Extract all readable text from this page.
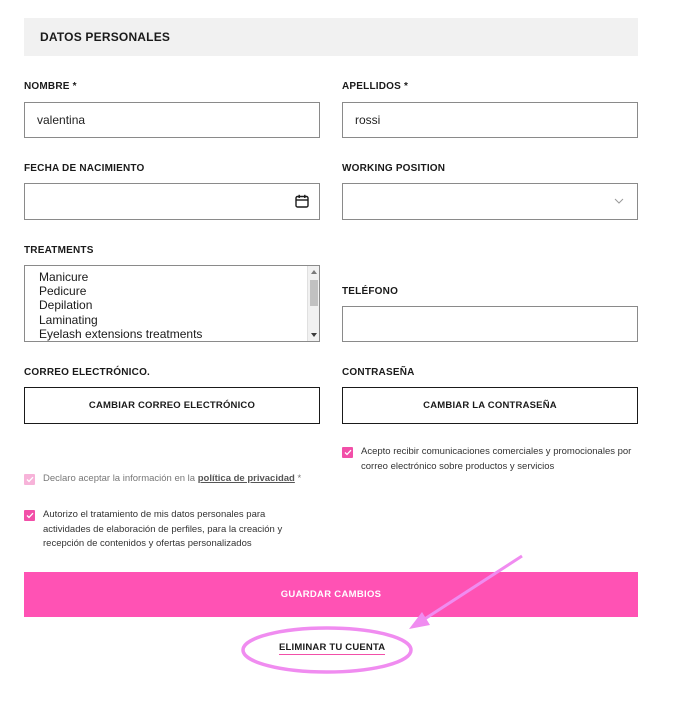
DATOS PERSONALES
NOMBRE *
valentina	APELLIDOS *
rossi
FECHA DE NACIMIENTO	WORKING POSITION
TREATMENTS
Manicure
Pedicure
Depilation
Laminating
Eyelash extensions treatments
TELÉFONO
CORREO ELECTRÓNICO.
CAMBIAR CORREO ELECTRÓNICO
CONTRASEÑA
CAMBIAR LA CONTRASEÑA
Acepto recibir comunicaciones comerciales y promocionales por correo electrónico sobre productos y servicios
Declaro aceptar la información en la política de privacidad *
Autorizo el tratamiento de mis datos personales para actividades de elaboración de perfiles, para la creación y recepción de contenidos y ofertas personalizados
GUARDAR CAMBIOS
ELIMINAR TU CUENTA
